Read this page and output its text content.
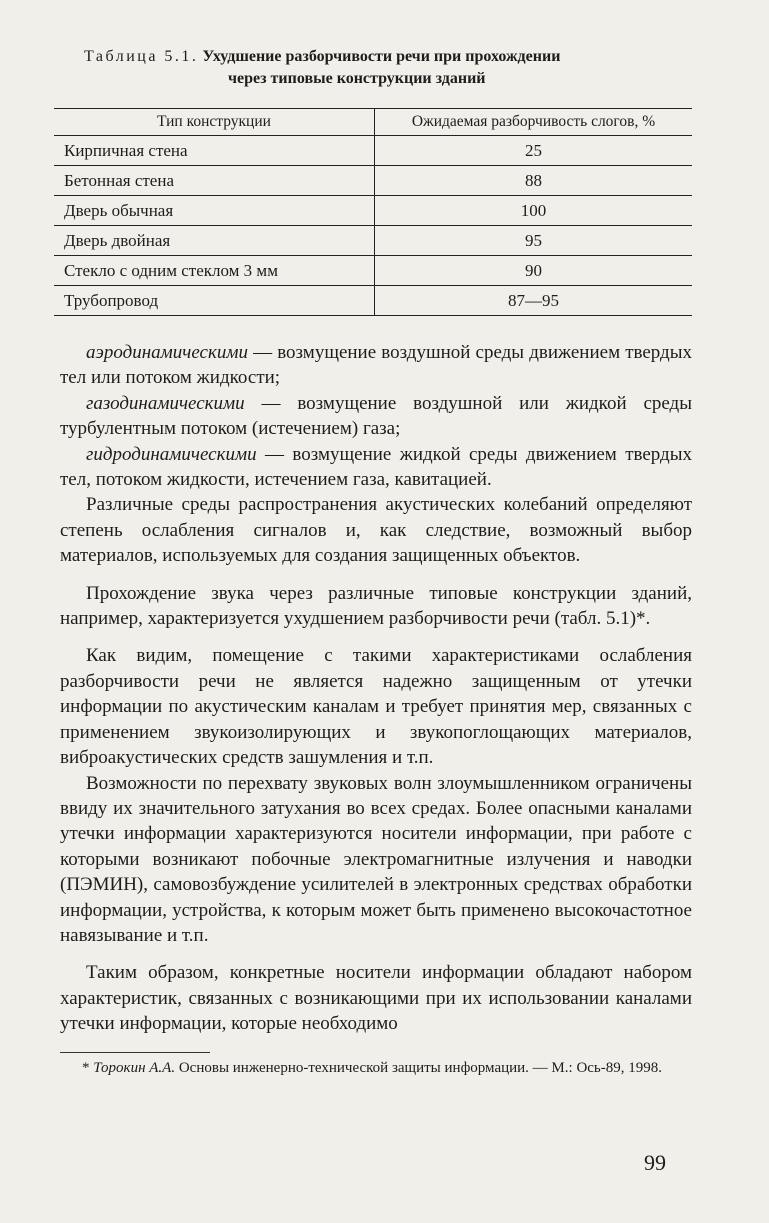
Таблица 5.1. Ухудшение разборчивости речи при прохождении
через типовые конструкции зданий
Тип конструкции	Ожидаемая разборчивость слогов, %
Кирпичная стена	25
Бетонная стена	88
Дверь обычная	100
Дверь двойная	95
Стекло с одним стеклом 3 мм	90
Трубопровод	87—95

аэродинамическими — возмущение воздушной среды движением твердых тел или потоком жидкости;

газодинамическими — возмущение воздушной или жидкой среды турбулентным потоком (истечением) газа;

гидродинамическими — возмущение жидкой среды движением твердых тел, потоком жидкости, истечением газа, кавитацией.

Различные среды распространения акустических колебаний определяют степень ослабления сигналов и, как следствие, возможный выбор материалов, используемых для создания защищенных объектов.

Прохождение звука через различные типовые конструкции зданий, например, характеризуется ухудшением разборчивости речи (табл. 5.1)*.

Как видим, помещение с такими характеристиками ослабления разборчивости речи не является надежно защищенным от утечки информации по акустическим каналам и требует принятия мер, связанных с применением звукоизолирующих и звукопоглощающих материалов, виброакустических средств зашумления и т.п.

Возможности по перехвату звуковых волн злоумышленником ограничены ввиду их значительного затухания во всех средах. Более опасными каналами утечки информации характеризуются носители информации, при работе с которыми возникают побочные электромагнитные излучения и наводки (ПЭМИН), самовозбуждение усилителей в электронных средствах обработки информации, устройства, к которым может быть применено высокочастотное навязывание и т.п.

Таким образом, конкретные носители информации обладают набором характеристик, связанных с возникающими при их использовании каналами утечки информации, которые необходимо

* Торокин А.А. Основы инженерно-технической защиты информации. — М.: Ось-89, 1998.
99
